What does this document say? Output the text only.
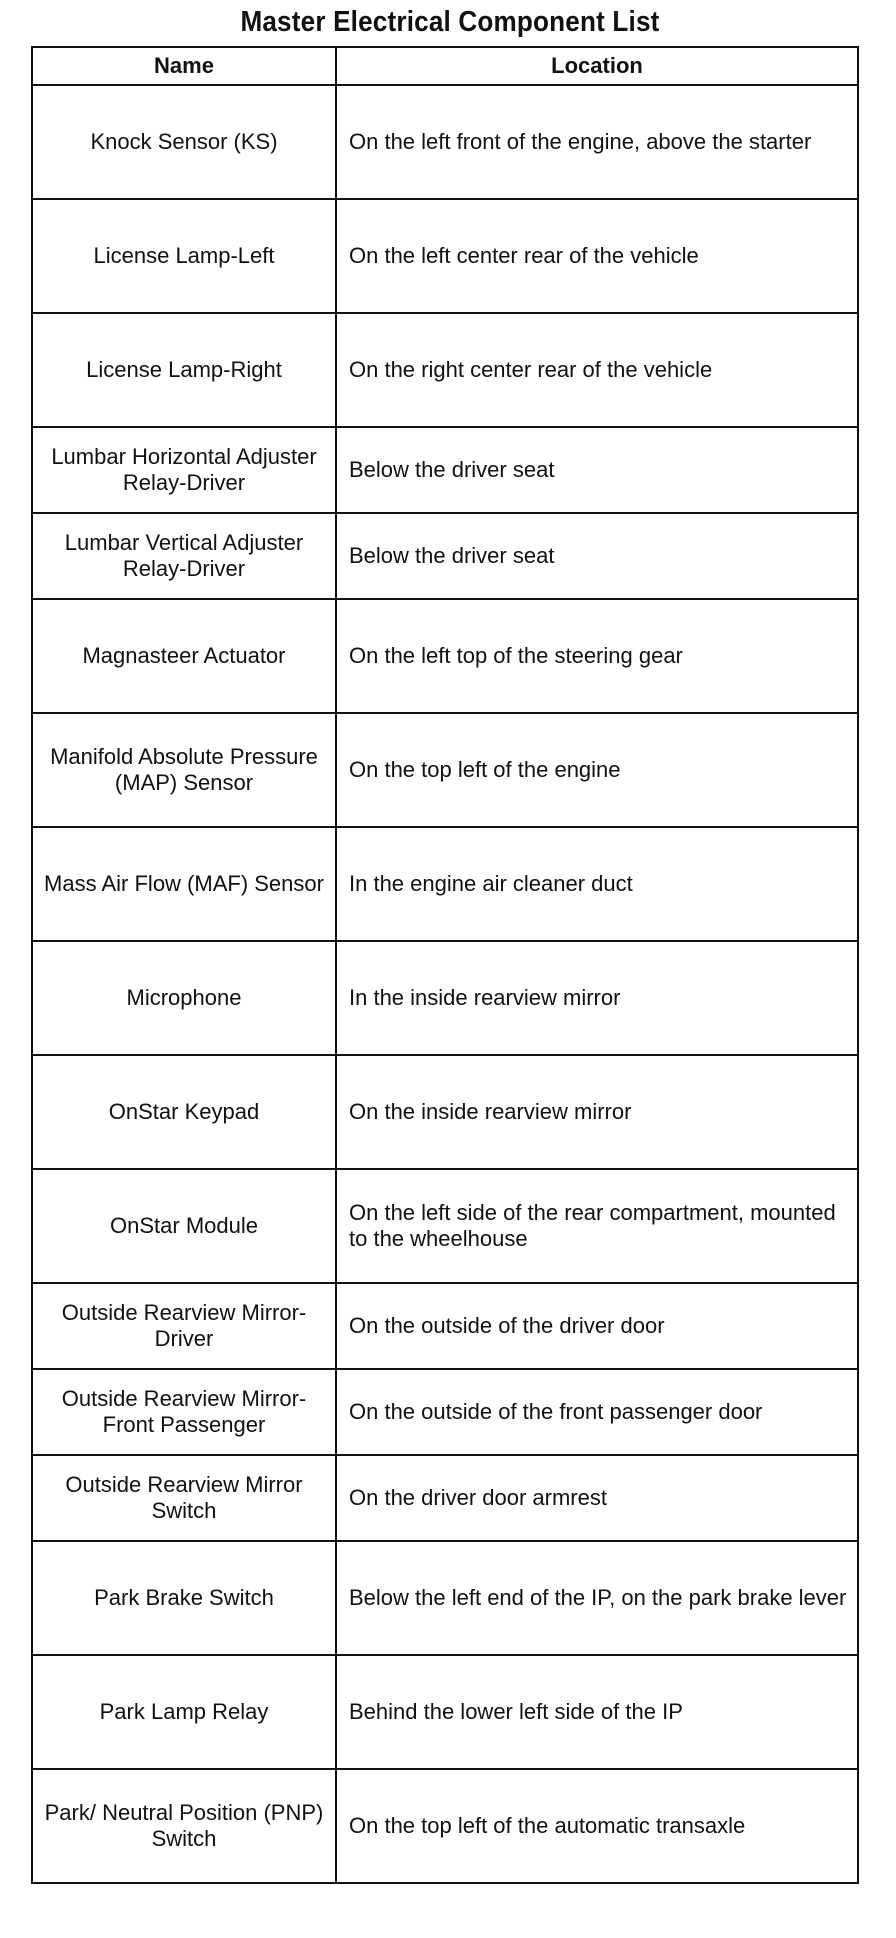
Master Electrical Component List
Name	Location
Knock Sensor (KS)	On the left front of the engine, above the starter
License Lamp-Left	On the left center rear of the vehicle
License Lamp-Right	On the right center rear of the vehicle
Lumbar Horizontal Adjuster Relay-Driver	Below the driver seat
Lumbar Vertical Adjuster Relay-Driver	Below the driver seat
Magnasteer Actuator	On the left top of the steering gear
Manifold Absolute Pressure (MAP) Sensor	On the top left of the engine
Mass Air Flow (MAF) Sensor	In the engine air cleaner duct
Microphone	In the inside rearview mirror
OnStar Keypad	On the inside rearview mirror
OnStar Module	On the left side of the rear compartment, mounted to the wheelhouse
Outside Rearview Mirror-Driver	On the outside of the driver door
Outside Rearview Mirror-Front Passenger	On the outside of the front passenger door
Outside Rearview Mirror Switch	On the driver door armrest
Park Brake Switch	Below the left end of the IP, on the park brake lever
Park Lamp Relay	Behind the lower left side of the IP
Park/ Neutral Position (PNP) Switch	On the top left of the automatic transaxle
